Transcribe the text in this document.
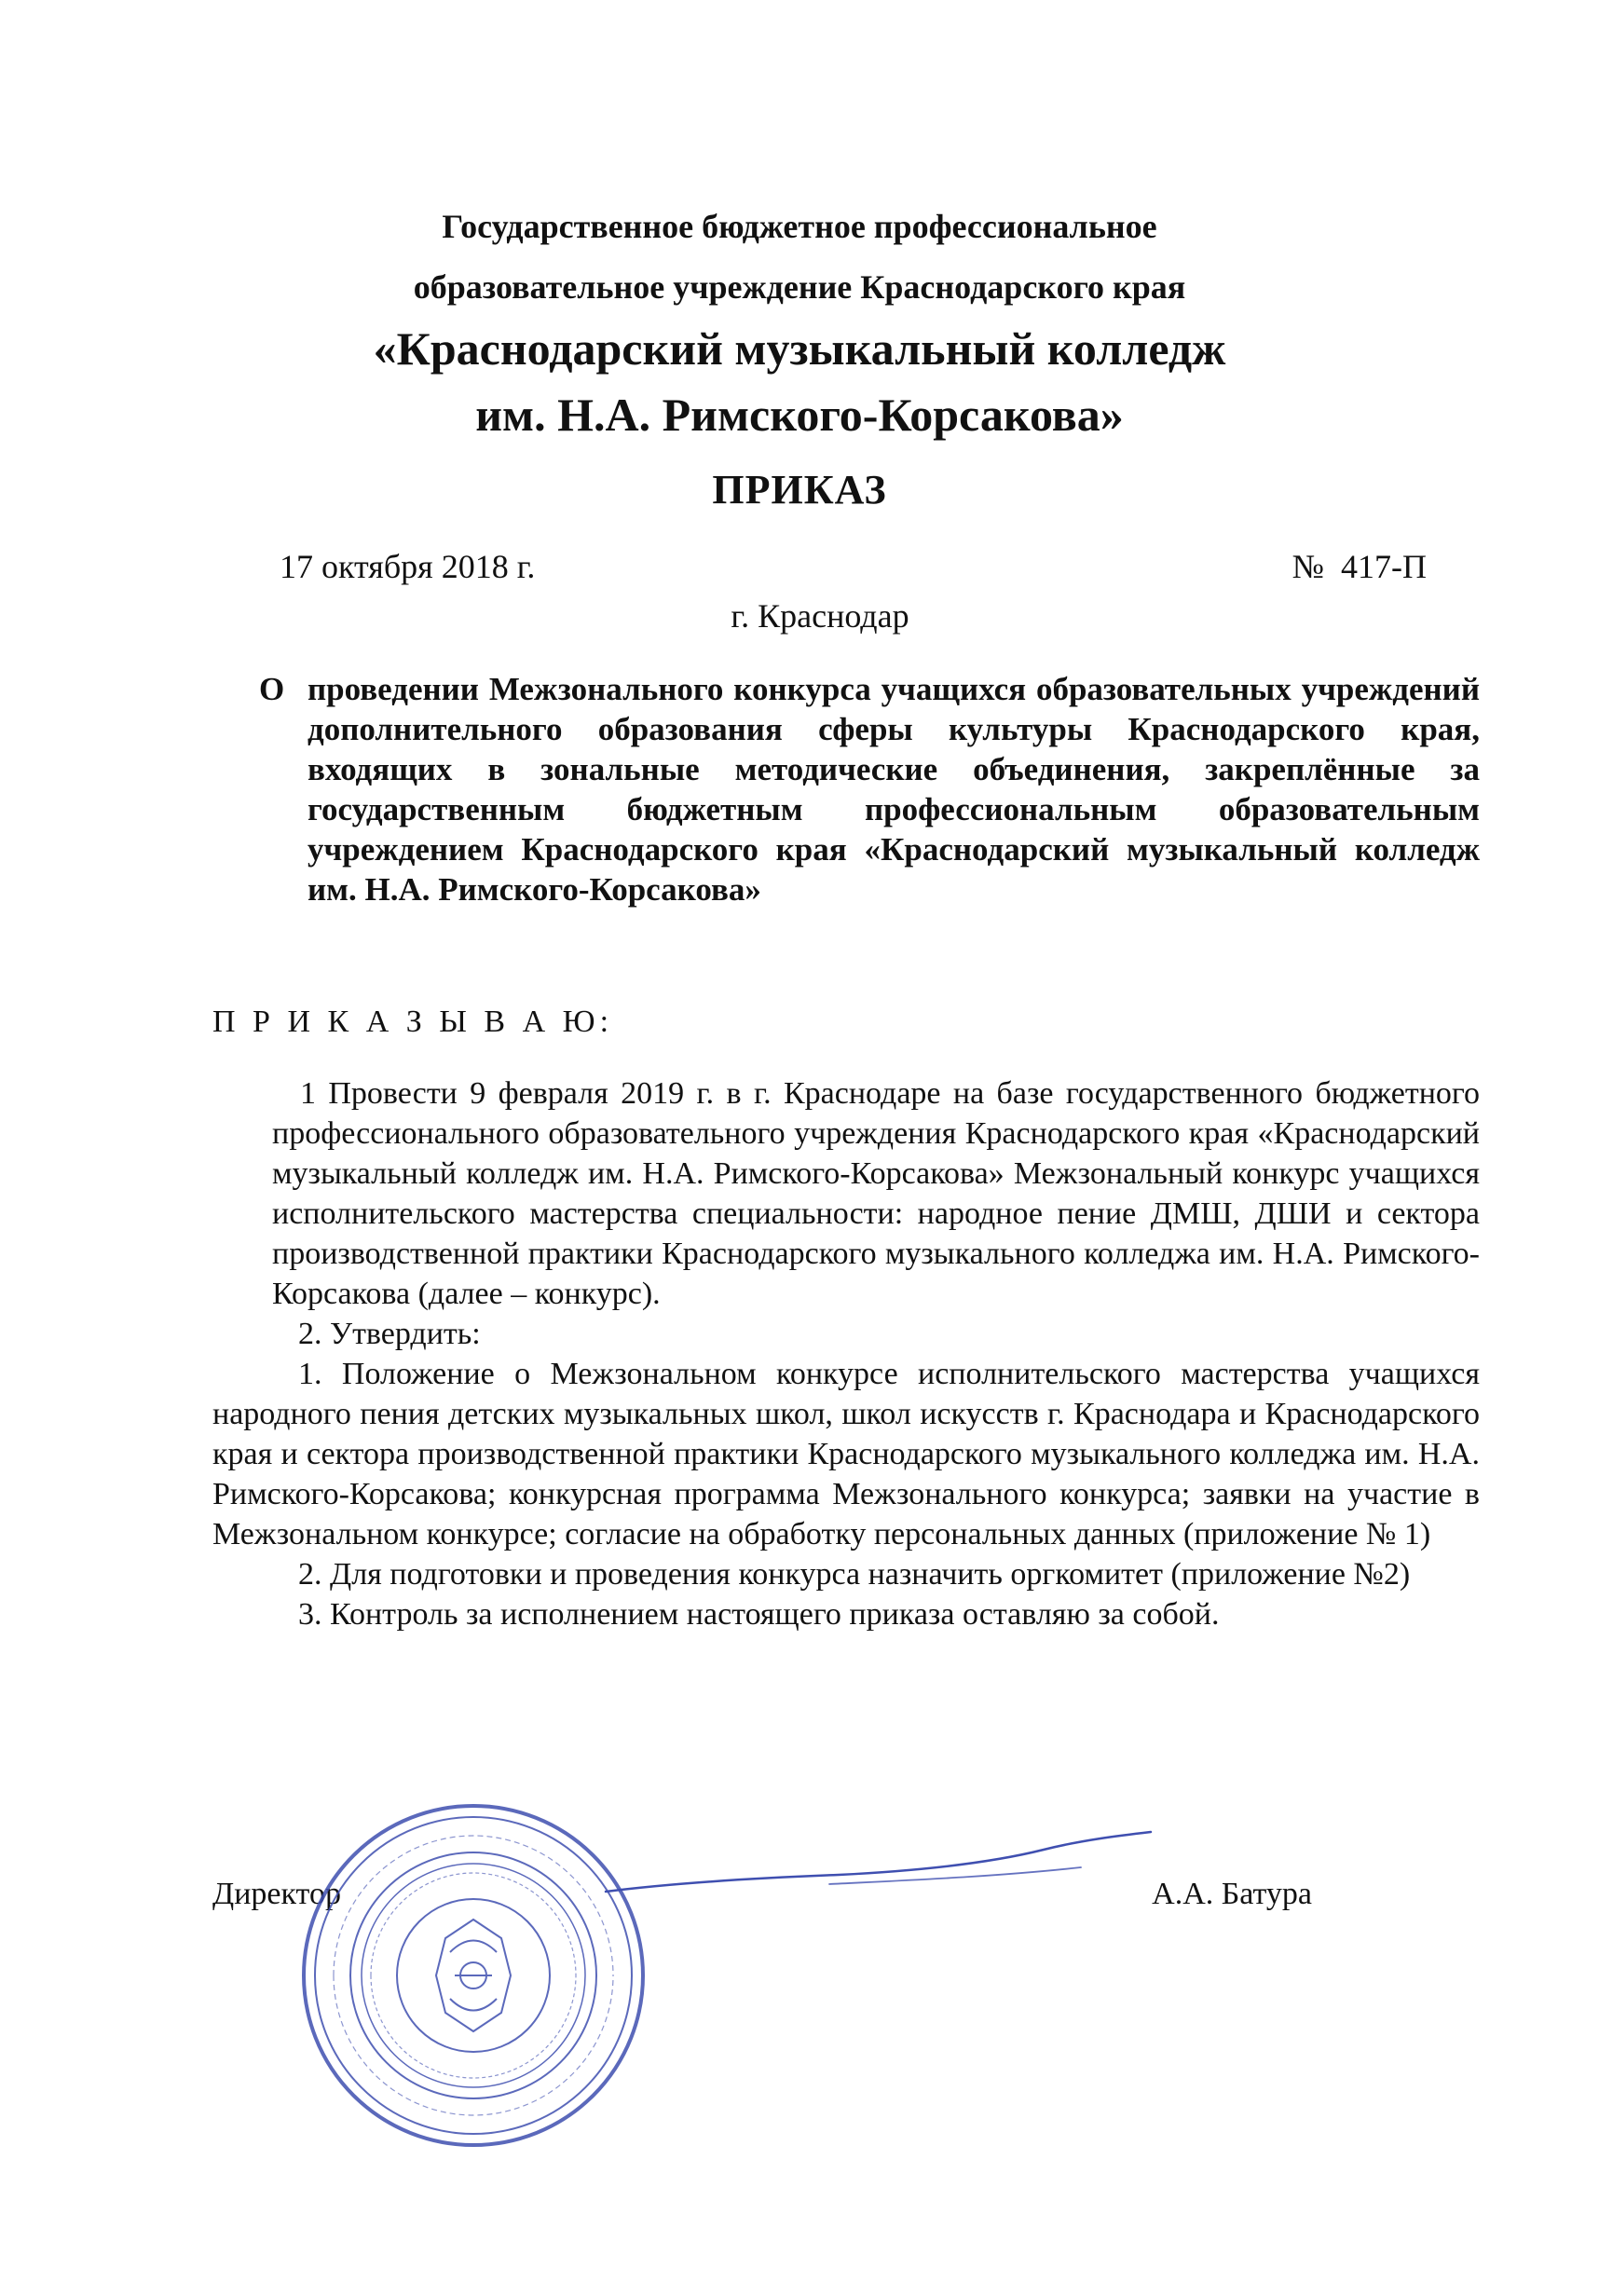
Государственное бюджетное профессиональное
образовательное учреждение Краснодарского края
«Краснодарский музыкальный колледж
им. Н.А. Римского-Корсакова»
ПРИКАЗ
17 октября 2018 г.	№  417-П
г. Краснодар
О проведении Межзонального конкурса учащихся образовательных учреждений дополнительного образования сферы культуры Краснодарского края, входящих в зональные методические объединения, закреплённые за государственным бюджетным профессиональным образовательным учреждением Краснодарского края «Краснодарский музыкальный колледж им. Н.А. Римского-Корсакова»
П Р И К А З Ы В А Ю:
1 Провести 9 февраля 2019 г. в г. Краснодаре на базе государственного бюджетного профессионального образовательного учреждения Краснодарского края «Краснодарский музыкальный колледж им. Н.А. Римского-Корсакова» Межзональный конкурс учащихся исполнительского мастерства специальности: народное пение ДМШ, ДШИ и сектора производственной практики Краснодарского музыкального колледжа им. Н.А. Римского-Корсакова (далее – конкурс).
2. Утвердить:
1. Положение о Межзональном конкурсе исполнительского мастерства учащихся народного пения детских музыкальных школ, школ искусств г. Краснодара и Краснодарского края и сектора производственной практики Краснодарского музыкального колледжа им. Н.А. Римского-Корсакова; конкурсная программа Межзонального конкурса; заявки на участие в Межзональном конкурсе; согласие на обработку персональных данных (приложение № 1)
2. Для подготовки и проведения конкурса назначить оргкомитет (приложение №2)
3. Контроль за исполнением настоящего приказа оставляю за собой.
Директор	А.А. Батура
